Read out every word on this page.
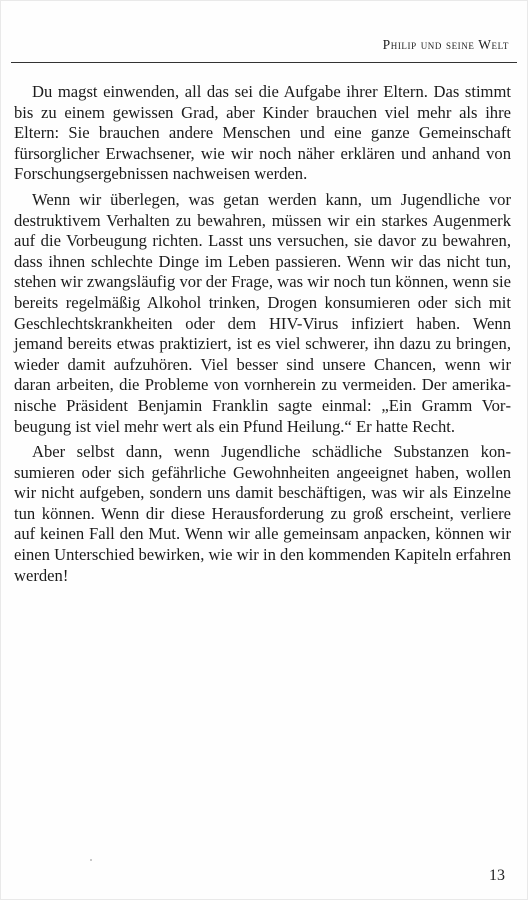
Philip und seine Welt

Du magst einwenden, all das sei die Aufgabe ihrer Eltern. Das stimmt bis zu einem gewissen Grad, aber Kinder brauchen viel mehr als ihre Eltern: Sie brauchen andere Menschen und eine ganze Gemeinschaft fürsorglicher Erwachsener, wie wir noch näher erklären und anhand von Forschungsergebnissen nachweisen werden.

Wenn wir überlegen, was getan werden kann, um Jugendliche vor destruktivem Verhalten zu bewahren, müssen wir ein starkes Augenmerk auf die Vorbeugung richten. Lasst uns versuchen, sie davor zu bewahren, dass ihnen schlechte Dinge im Leben passieren. Wenn wir das nicht tun, stehen wir zwangsläufig vor der Frage, was wir noch tun können, wenn sie bereits regelmäßig Alkohol trinken, Drogen konsumieren oder sich mit Geschlechtskrankheiten oder dem HIV-Virus infiziert haben. Wenn jemand bereits etwas praktiziert, ist es viel schwerer, ihn dazu zu bringen, wieder damit aufzuhören. Viel besser sind unsere Chancen, wenn wir daran arbeiten, die Probleme von vornherein zu vermeiden. Der amerikanische Präsident Benjamin Franklin sagte einmal: „Ein Gramm Vorbeugung ist viel mehr wert als ein Pfund Heilung.“ Er hatte Recht.

Aber selbst dann, wenn Jugendliche schädliche Substanzen konsumieren oder sich gefährliche Gewohnheiten angeeignet haben, wollen wir nicht aufgeben, sondern uns damit beschäftigen, was wir als Einzelne tun können. Wenn dir diese Herausforderung zu groß erscheint, verliere auf keinen Fall den Mut. Wenn wir alle gemeinsam anpacken, können wir einen Unterschied bewirken, wie wir in den kommenden Kapiteln erfahren werden!

13
